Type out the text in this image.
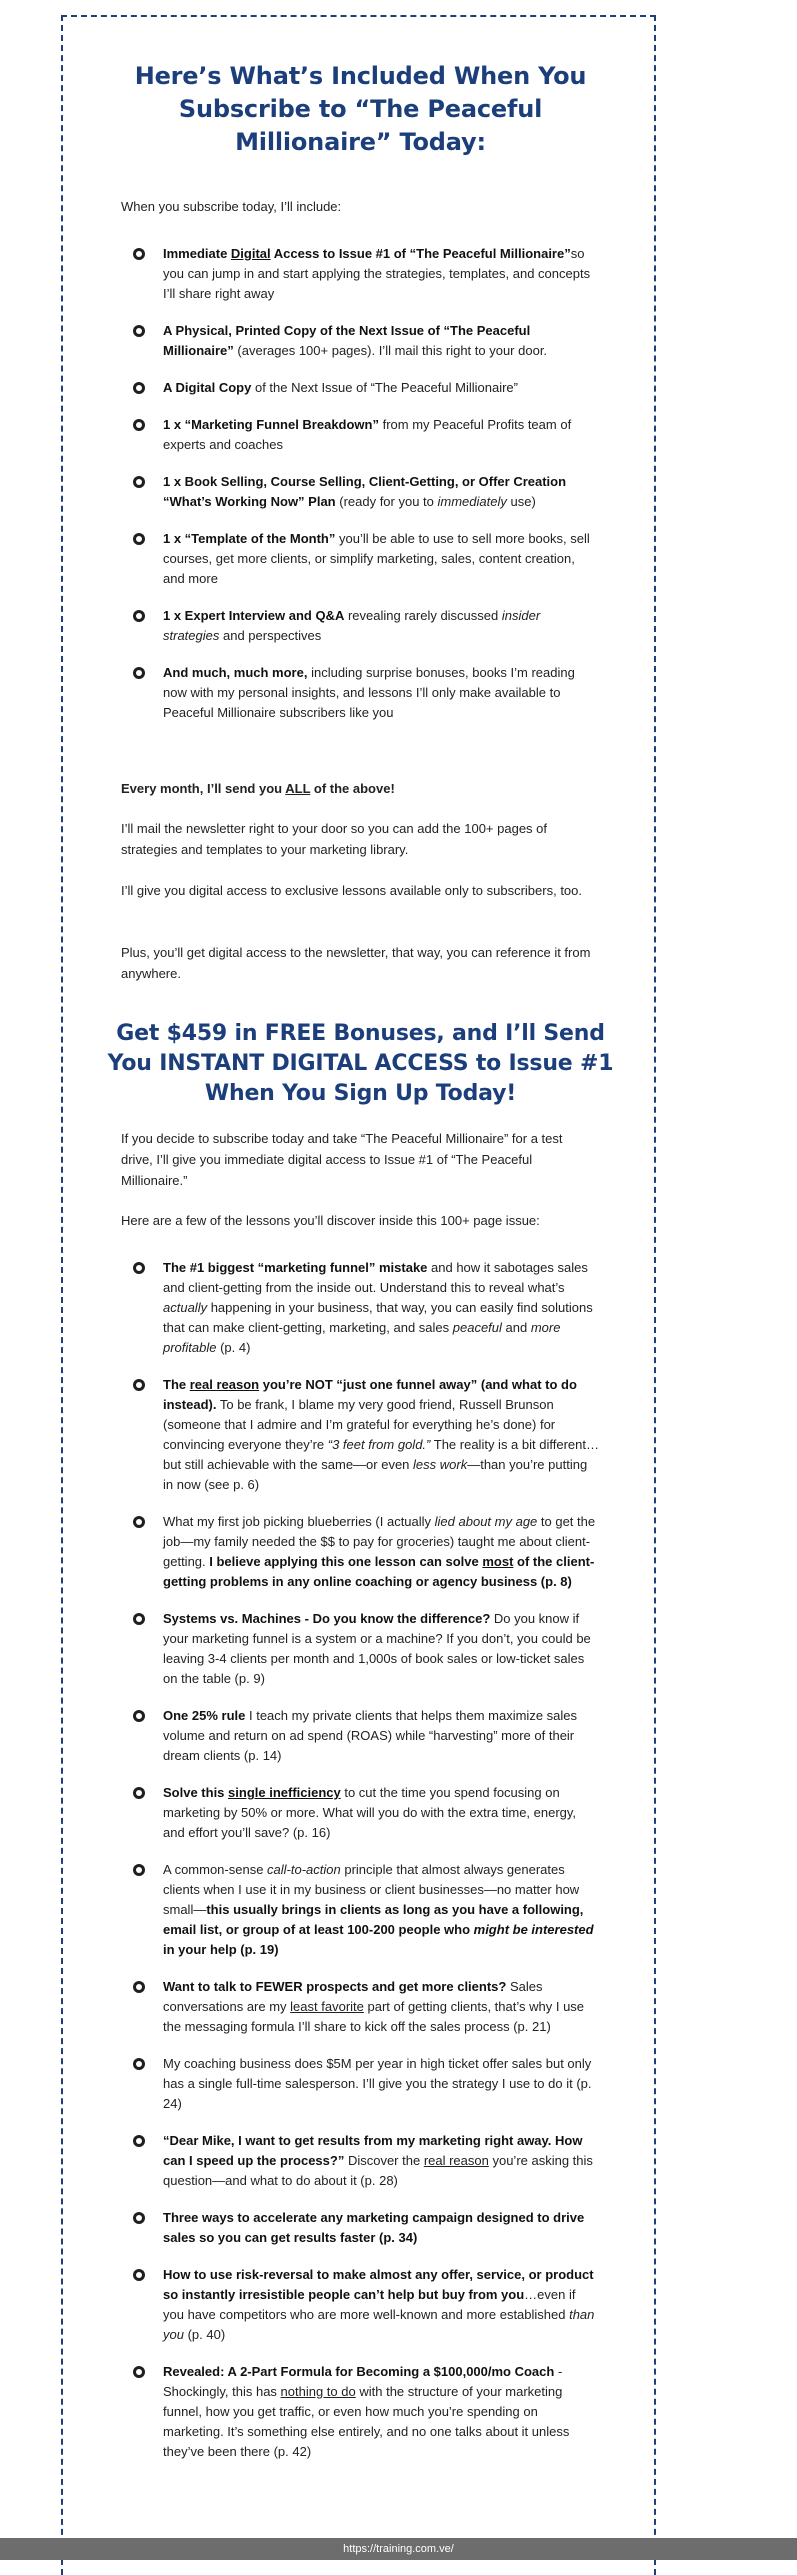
Here’s What’s Included When You Subscribe to “The Peaceful Millionaire” Today:

When you subscribe today, I’ll include:

Immediate Digital Access to Issue #1 of “The Peaceful Millionaire”so you can jump in and start applying the strategies, templates, and concepts I’ll share right away
A Physical, Printed Copy of the Next Issue of “The Peaceful Millionaire” (averages 100+ pages). I’ll mail this right to your door.
A Digital Copy of the Next Issue of “The Peaceful Millionaire”
1 x “Marketing Funnel Breakdown” from my Peaceful Profits team of experts and coaches
1 x Book Selling, Course Selling, Client-Getting, or Offer Creation “What’s Working Now” Plan (ready for you to immediately use)
1 x “Template of the Month” you’ll be able to use to sell more books, sell courses, get more clients, or simplify marketing, sales, content creation, and more
1 x Expert Interview and Q&A revealing rarely discussed insider strategies and perspectives
And much, much more, including surprise bonuses, books I’m reading now with my personal insights, and lessons I’ll only make available to Peaceful Millionaire subscribers like you

Every month, I’ll send you ALL of the above!

I’ll mail the newsletter right to your door so you can add the 100+ pages of strategies and templates to your marketing library.

I’ll give you digital access to exclusive lessons available only to subscribers, too.

Plus, you’ll get digital access to the newsletter, that way, you can reference it from anywhere.

Get $459 in FREE Bonuses, and I’ll Send You INSTANT DIGITAL ACCESS to Issue #1 When You Sign Up Today!

If you decide to subscribe today and take “The Peaceful Millionaire” for a test drive, I’ll give you immediate digital access to Issue #1 of “The Peaceful Millionaire.”

Here are a few of the lessons you’ll discover inside this 100+ page issue:

The #1 biggest “marketing funnel” mistake and how it sabotages sales and client-getting from the inside out. Understand this to reveal what’s actually happening in your business, that way, you can easily find solutions that can make client-getting, marketing, and sales peaceful and more profitable (p. 4)
The real reason you’re NOT “just one funnel away” (and what to do instead). To be frank, I blame my very good friend, Russell Brunson (someone that I admire and I’m grateful for everything he’s done) for convincing everyone they’re “3 feet from gold.” The reality is a bit different…but still achievable with the same—or even less work—than you’re putting in now (see p. 6)
What my first job picking blueberries (I actually lied about my age to get the job—my family needed the $$ to pay for groceries) taught me about client-getting. I believe applying this one lesson can solve most of the client-getting problems in any online coaching or agency business (p. 8)
Systems vs. Machines - Do you know the difference? Do you know if your marketing funnel is a system or a machine? If you don’t, you could be leaving 3-4 clients per month and 1,000s of book sales or low-ticket sales on the table (p. 9)
One 25% rule I teach my private clients that helps them maximize sales volume and return on ad spend (ROAS) while “harvesting” more of their dream clients (p. 14)
Solve this single inefficiency to cut the time you spend focusing on marketing by 50% or more. What will you do with the extra time, energy, and effort you’ll save? (p. 16)
A common-sense call-to-action principle that almost always generates clients when I use it in my business or client businesses—no matter how small—this usually brings in clients as long as you have a following, email list, or group of at least 100-200 people who might be interested in your help (p. 19)
Want to talk to FEWER prospects and get more clients? Sales conversations are my least favorite part of getting clients, that’s why I use the messaging formula I’ll share to kick off the sales process (p. 21)
My coaching business does $5M per year in high ticket offer sales but only has a single full-time salesperson. I’ll give you the strategy I use to do it (p. 24)
“Dear Mike, I want to get results from my marketing right away. How can I speed up the process?” Discover the real reason you’re asking this question—and what to do about it (p. 28)
Three ways to accelerate any marketing campaign designed to drive sales so you can get results faster (p. 34)
How to use risk-reversal to make almost any offer, service, or product so instantly irresistible people can’t help but buy from you…even if you have competitors who are more well-known and more established than you (p. 40)
Revealed: A 2-Part Formula for Becoming a $100,000/mo Coach - Shockingly, this has nothing to do with the structure of your marketing funnel, how you get traffic, or even how much you’re spending on marketing. It’s something else entirely, and no one talks about it unless they’ve been there (p. 42)
https://training.com.ve/
